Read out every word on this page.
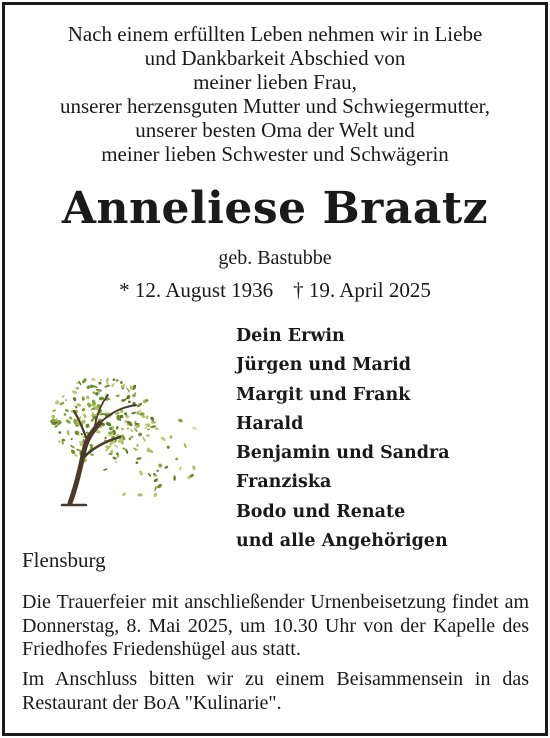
Nach einem erfüllten Leben nehmen wir in Liebe
und Dankbarkeit Abschied von
meiner lieben Frau,
unserer herzensguten Mutter und Schwiegermutter,
unserer besten Oma der Welt und
meiner lieben Schwester und Schwägerin
Anneliese Braatz
geb. Bastubbe
* 12. August 1936 † 19. April 2025
Dein Erwin
Jürgen und Marid
Margit und Frank
Harald
Benjamin und Sandra
Franziska
Bodo und Renate
und alle Angehörigen
Flensburg
Die Trauerfeier mit anschließender Urnenbeisetzung findet am Donnerstag, 8. Mai 2025, um 10.30 Uhr von der Kapelle des Friedhofes Friedenshügel aus statt.
Im Anschluss bitten wir zu einem Beisammensein in das Restaurant der BoA "Kulinarie".
